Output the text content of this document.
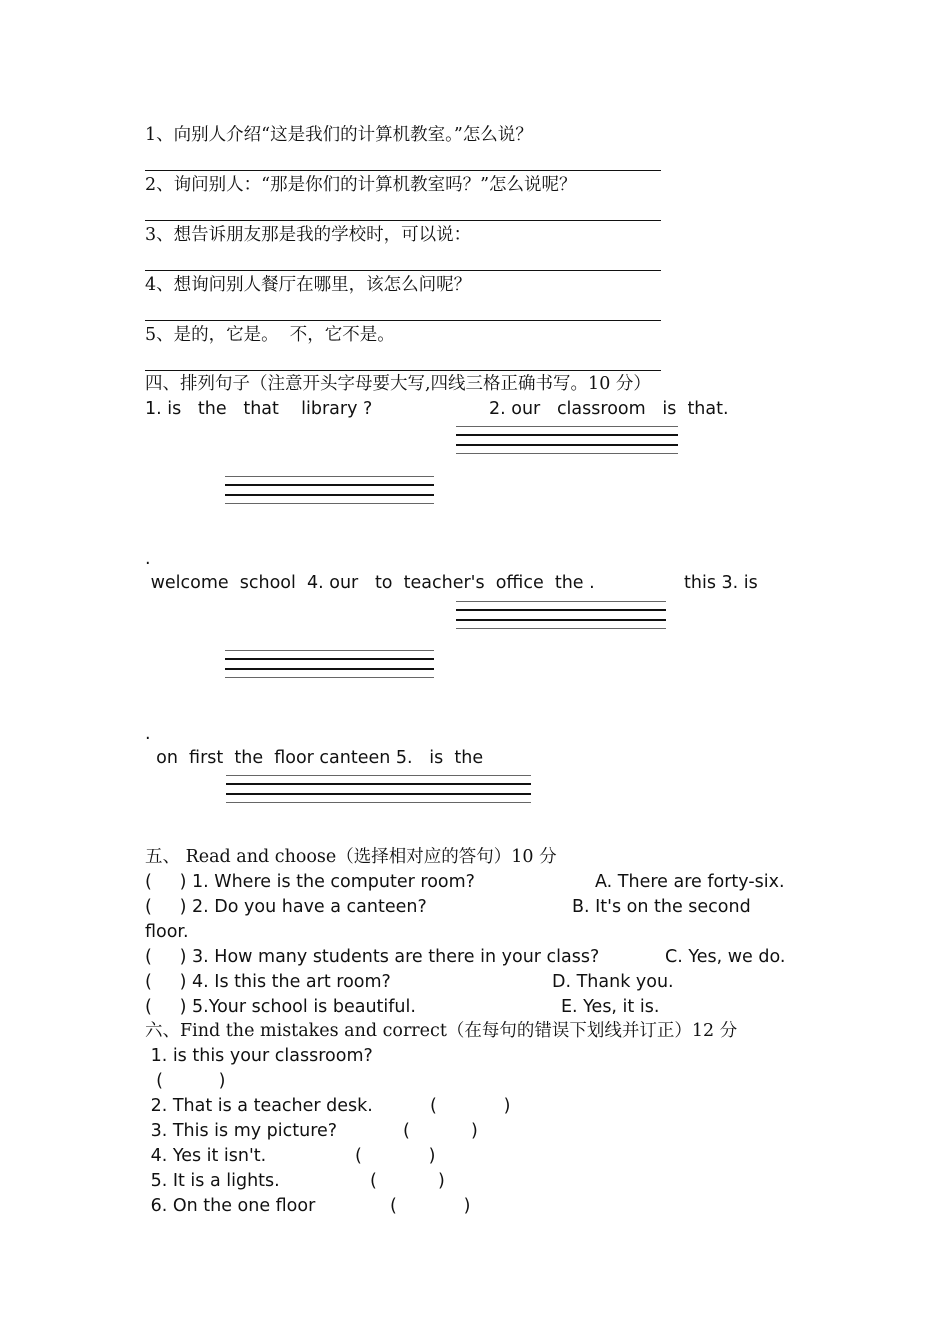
1、向别人介绍“这是我们的计算机教室。”怎么说？

2、询问别人：“那是你们的计算机教室吗？”怎么说呢？

3、想告诉朋友那是我的学校时，可以说：

4、想询问别人餐厅在哪里，该怎么问呢？

5、是的，它是。  不，它不是。

四、排列句子（注意开头字母要大写,四线三格正确书写。10 分）

1. is   the   that    library ?	2. our   classroom   is  that.

.

welcome  school  4. our   to  teacher's  office  the .	this 3. is

.

on  first  the  floor canteen 5.   is  the

五、 Read and choose（选择相对应的答句）10 分

(     ) 1. Where is the computer room?	A. There are forty-six.

(     ) 2. Do you have a canteen?	B. It's on the second

floor.

(     ) 3. How many students are there in your class?	C. Yes, we do.

(     ) 4. Is this the art room?	D. Thank you.

(     ) 5.Your school is beautiful.	E. Yes, it is.

六、Find the mistakes and correct（在每句的错误下划线并订正）12 分

1. is this your classroom?

(          )

2. That is a teacher desk.	(            )

3. This is my picture?	(           )

4. Yes it isn't.	(            )

5. It is a lights.	(           )

6. On the one floor	(            )
